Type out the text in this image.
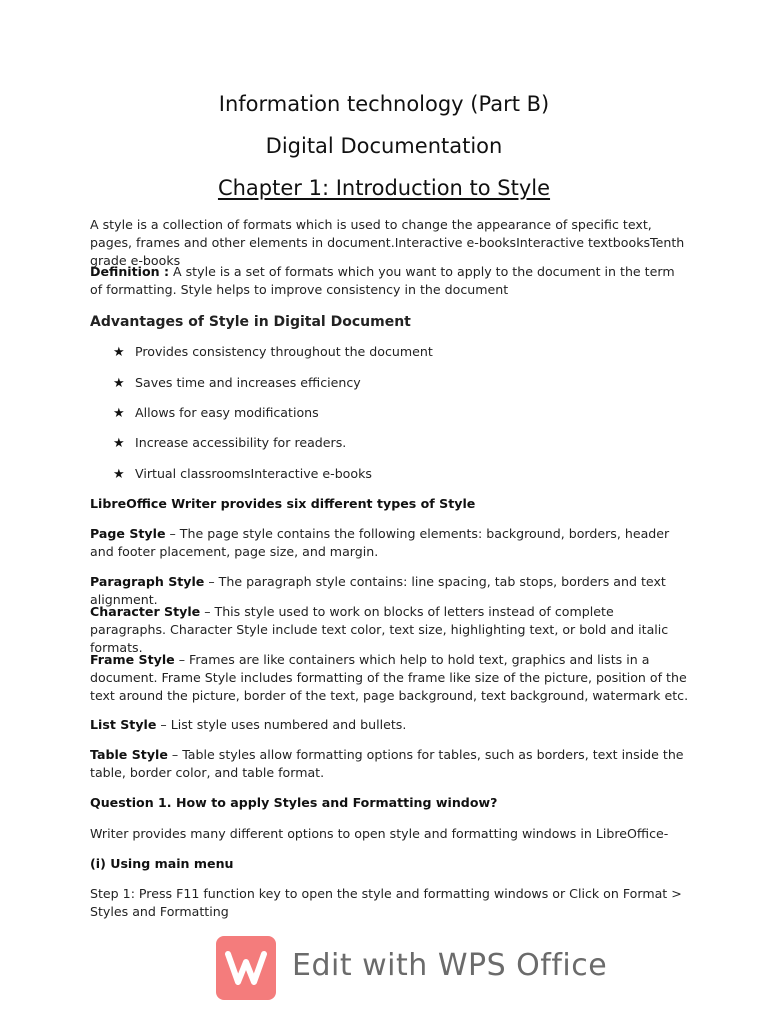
Information technology (Part B)
Digital Documentation
Chapter 1: Introduction to Style
A style is a collection of formats which is used to change the appearance of specific text, pages, frames and other elements in document.Interactive e-booksInteractive textbooksTenth grade e-books
Definition : A style is a set of formats which you want to apply to the document in the term of formatting. Style helps to improve consistency in the document
Advantages of Style in Digital Document
★ Provides consistency throughout the document
★ Saves time and increases efficiency
★ Allows for easy modifications
★ Increase accessibility for readers.
★ Virtual classroomsInteractive e-books
LibreOffice Writer provides six different types of Style
Page Style – The page style contains the following elements: background, borders, header and footer placement, page size, and margin.
Paragraph Style – The paragraph style contains: line spacing, tab stops, borders and text alignment.
Character Style – This style used to work on blocks of letters instead of complete paragraphs. Character Style include text color, text size, highlighting text, or bold and italic formats.
Frame Style – Frames are like containers which help to hold text, graphics and lists in a document. Frame Style includes formatting of the frame like size of the picture, position of the text around the picture, border of the text, page background, text background, watermark etc.
List Style – List style uses numbered and bullets.
Table Style – Table styles allow formatting options for tables, such as borders, text inside the table, border color, and table format.
Question 1. How to apply Styles and Formatting window?
Writer provides many different options to open style and formatting windows in LibreOffice-
(i) Using main menu
Step 1: Press F11 function key to open the style and formatting windows or Click on Format > Styles and Formatting
Edit with WPS Office
